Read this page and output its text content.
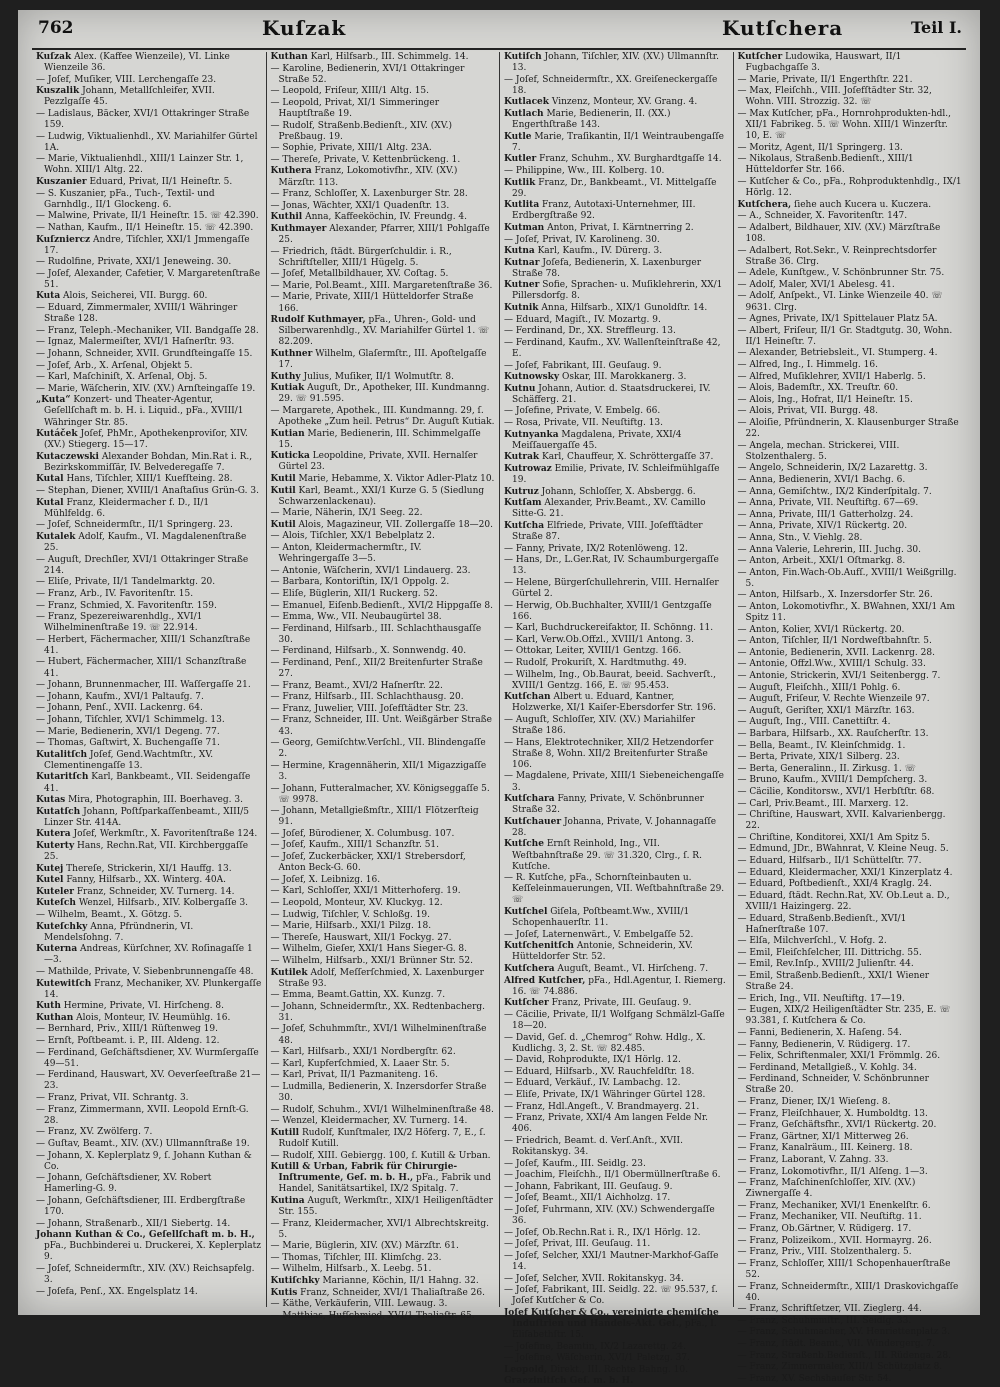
762	Kuſzak	Kutſchera	Teil I.
Kuſzak Alex. (Kaffee Wienzeile), VI. Linke Wienzeile 36.
— Joſef, Muſiker, VIII. Lerchengaſſe 23.
Kuszalik Johann, Metallſchleifer, XVII. Pezzlgaſſe 45.
— Ladislaus, Bäcker, XVI/1 Ottakringer Straße 159.
— Ludwig, Viktualienhdl., XV. Mariahilfer Gürtel 1A.
— Marie, Viktualienhdl., XIII/1 Lainzer Str. 1, Wohn. XIII/1 Altg. 22.
Kuszanier Eduard, Privat, II/1 Heineſtr. 5.
— S. Kuszanier, pFa., Tuch-, Textil- und Garnhdlg., II/1 Glockeng. 6.
— Malwine, Private, II/1 Heineſtr. 15. ☏ 42.390.
— Nathan, Kaufm., II/1 Heineſtr. 15. ☏ 42.390.
Kuſzniercz Andre, Tiſchler, XXI/1 Jmmengaſſe 17.
— Rudolfine, Private, XXI/1 Jeneweing. 30.
— Joſef, Alexander, Cafetier, V. Margaretenſtraße 51.
Kuta Alois, Seicherei, VII. Burgg. 60.
— Eduard, Zimmermaler, XVIII/1 Währinger Straße 128.
— Franz, Teleph.-Mechaniker, VII. Bandgaſſe 28.
— Ignaz, Malermeiſter, XVI/1 Haſnerſtr. 93.
— Johann, Schneider, XVII. Grundſteingaſſe 15.
— Joſef, Arb., X. Arſenal, Objekt 5.
— Karl, Maſchiniſt, X. Arſenal, Obj. 5.
— Marie, Wäſcherin, XIV. (XV.) Arnſteingaſſe 19.
„Kuta“ Konzert- und Theater-Agentur, Geſellſchaft m. b. H. i. Liquid., pFa., XVIII/1 Währinger Str. 85.
Kutáček Joſef, PhMr., Apothekenproviſor, XIV. (XV.) Stiegerg. 15—17.
Kutaczewski Alexander Bohdan, Min.Rat i. R., Bezirkskommiſſär, IV. Belvederegaſſe 7.
Kutal Hans, Tiſchler, XIII/1 Kuefſteing. 28.
— Stephan, Diener, XVIII/1 Anaſtaſius Grün-G. 3.
Kutal Franz, Kleidermacher f. D., II/1 Mühlfeldg. 6.
— Joſef, Schneidermſtr., II/1 Springerg. 23.
Kutalek Adolf, Kaufm., VI. Magdalenenſtraße 25.
— Auguſt, Drechſler, XVI/1 Ottakringer Straße 214.
— Eliſe, Private, II/1 Tandelmarktg. 20.
— Franz, Arb., IV. Favoritenſtr. 15.
— Franz, Schmied, X. Favoritenſtr. 159.
— Franz, Spezereiwarenhdlg., XVI/1 Wilhelminenſtraße 19. ☏ 22.914.
— Herbert, Fächermacher, XIII/1 Schanzſtraße 41.
— Hubert, Fächermacher, XIII/1 Schanzſtraße 41.
— Johann, Brunnenmacher, III. Waſſergaſſe 21.
— Johann, Kaufm., XVI/1 Paltaufg. 7.
— Johann, Penſ., XVII. Lackenrg. 64.
— Johann, Tiſchler, XVI/1 Schimmelg. 13.
— Marie, Bedienerin, XVI/1 Degeng. 77.
— Thomas, Gaſtwirt, X. Buchengaſſe 71.
Kutalitſch Joſef, Gend.Wachtmſtr., XV. Clementinengaſſe 13.
Kutaritſch Karl, Bankbeamt., VII. Seidengaſſe 41.
Kutas Mira, Photographin, III. Boerhaveg. 3.
Kutatſch Johann, Poſtſparkaſſenbeamt., XIII/5 Linzer Str. 414A.
Kutera Joſef, Werkmſtr., X. Favoritenſtraße 124.
Kuterty Hans, Rechn.Rat, VII. Kirchberggaſſe 25.
Kutej Thereſe, Strickerin, XI/1 Hauffg. 13.
Kutel Fanny, Hilfsarb., XX. Winterg. 40A.
Kuteler Franz, Schneider, XV. Turnerg. 14.
Kuteſch Wenzel, Hilfsarb., XIV. Kolbergaſſe 3.
— Wilhelm, Beamt., X. Götzg. 5.
Kuteſchky Anna, Pfründnerin, VI. Mendelsſohng. 7.
Kuterna Andreas, Kürſchner, XV. Roſinagaſſe 1—3.
— Mathilde, Private, V. Siebenbrunnengaſſe 48.
Kutewitſch Franz, Mechaniker, XV. Plunkergaſſe 14.
Kuth Hermine, Private, VI. Hirſcheng. 8.
Kuthan Alois, Monteur, IV. Heumühlg. 16.
— Bernhard, Priv., XIII/1 Rüſtenweg 19.
— Ernſt, Poſtbeamt. i. P., III. Aldeng. 12.
— Ferdinand, Geſchäftsdiener, XV. Wurmſergaſſe 49—51.
— Ferdinand, Hauswart, XV. Oeverſeeſtraße 21—23.
— Franz, Privat, VII. Schrantg. 3.
— Franz, Zimmermann, XVII. Leopold Ernſt-G. 28.
— Franz, XV. Zwölferg. 7.
— Guſtav, Beamt., XIV. (XV.) Ullmannſtraße 19.
— Johann, X. Keplerplatz 9, ſ. Johann Kuthan & Co.
— Johann, Geſchäftsdiener, XV. Robert Hamerling-G. 9.
— Johann, Geſchäftsdiener, III. Erdbergſtraße 170.
— Johann, Straßenarb., XII/1 Siebertg. 14.
Johann Kuthan & Co., Geſellſchaft m. b. H., pFa., Buchbinderei u. Druckerei, X. Keplerplatz 9.
— Joſef, Schneidermſtr., XIV. (XV.) Reichsapfelg. 3.
— Joſefa, Penſ., XX. Engelsplatz 14.
Kuthan Karl, Hilfsarb., III. Schimmelg. 14.
— Karoline, Bedienerin, XVI/1 Ottakringer Straße 52.
— Leopold, Friſeur, XIII/1 Altg. 15.
— Leopold, Privat, XI/1 Simmeringer Hauptſtraße 19.
— Rudolf, Straßenb.Bedienſt., XIV. (XV.) Preßbaug. 19.
— Sophie, Private, XIII/1 Altg. 23A.
— Thereſe, Private, V. Kettenbrückeng. 1.
Kuthera Franz, Lokomotivfhr., XIV. (XV.) Märzſtr. 113.
— Franz, Schloſſer, X. Laxenburger Str. 28.
— Jonas, Wächter, XXI/1 Quadenſtr. 13.
Kuthil Anna, Kaffeeköchin, IV. Freundg. 4.
Kuthmayer Alexander, Pfarrer, XIII/1 Pohlgaſſe 25.
— Friedrich, ſtädt. Bürgerſchuldir. i. R., Schriftſteller, XIII/1 Hügelg. 5.
— Joſef, Metallbildhauer, XV. Coſtag. 5.
— Marie, Pol.Beamt., XIII. Margaretenſtraße 36.
— Marie, Private, XIII/1 Hütteldorfer Straße 166.
Rudolf Kuthmayer, pFa., Uhren-, Gold- und Silberwarenhdlg., XV. Mariahilfer Gürtel 1. ☏ 82.209.
Kuthner Wilhelm, Glaſermſtr., III. Apoſtelgaſſe 17.
Kuthy Julius, Muſiker, II/1 Wolmutſtr. 8.
Kutiak Auguſt, Dr., Apotheker, III. Kundmanng. 29. ☏ 91.595.
— Margarete, Apothek., III. Kundmanng. 29, ſ. Apotheke „Zum heil. Petrus“ Dr. Auguſt Kutiak.
Kutian Marie, Bedienerin, III. Schimmelgaſſe 15.
Kuticka Leopoldine, Private, XVII. Hernalſer Gürtel 23.
Kutil Marie, Hebamme, X. Viktor Adler-Platz 10.
Kutil Karl, Beamt., XXI/1 Kurze G. 5 (Siedlung Schwarzenlackenau).
— Marie, Näherin, IX/1 Seeg. 22.
Kutil Alois, Magazineur, VII. Zollergaſſe 18—20.
— Alois, Tiſchler, XX/1 Bebelplatz 2.
— Anton, Kleidermachermſtr., IV. Wehringergaſſe 3—5.
— Antonie, Wäſcherin, XVI/1 Lindauerg. 23.
— Barbara, Kontoriſtin, IX/1 Oppolg. 2.
— Eliſe, Büglerin, XII/1 Ruckerg. 52.
— Emanuel, Eiſenb.Bedienſt., XVI/2 Hippgaſſe 8.
— Emma, Ww., VII. Neubaugürtel 38.
— Ferdinand, Hilfsarb., III. Schlachthausgaſſe 30.
— Ferdinand, Hilfsarb., X. Sonnwendg. 40.
— Ferdinand, Penſ., XII/2 Breitenfurter Straße 27.
— Franz, Beamt., XVI/2 Haſnerſtr. 22.
— Franz, Hilfsarb., III. Schlachthausg. 20.
— Franz, Juwelier, VIII. Joſefſtädter Str. 23.
— Franz, Schneider, III. Unt. Weißgärber Straße 43.
— Georg, Gemiſchtw.Verſchl., VII. Blindengaſſe 2.
— Hermine, Kragennäherin, XII/1 Migazzigaſſe 3.
— Johann, Futteralmacher, XV. Königseggaſſe 5. ☏ 9978.
— Johann, Metallgießmſtr., XIII/1 Flötzerſteig 91.
— Joſef, Bürodiener, X. Columbusg. 107.
— Joſef, Kaufm., XIII/1 Schanzſtr. 51.
— Joſef, Zuckerbäcker, XXI/1 Strebersdorf, Anton Beck-G. 60.
— Joſef, X. Leibnizg. 16.
— Karl, Schloſſer, XXI/1 Mitterhoferg. 19.
— Leopold, Monteur, XV. Kluckyg. 12.
— Ludwig, Tiſchler, V. Schloßg. 19.
— Marie, Hilfsarb., XXI/1 Pilzg. 18.
— Thereſe, Hauswart, XII/1 Fockyg. 27.
— Wilhelm, Gieſer, XXI/1 Hans Sieger-G. 8.
— Wilhelm, Hilfsarb., XXI/1 Brünner Str. 52.
Kutilek Adolf, Meſſerſchmied, X. Laxenburger Straße 93.
— Emma, Beamt.Gattin, XX. Kunzg. 7.
— Johann, Schneidermſtr., XX. Redtenbacherg. 31.
— Joſef, Schuhmmſtr., XVI/1 Wilhelminenſtraße 48.
— Karl, Hilfsarb., XXI/1 Nordbergſtr. 62.
— Karl, Kupferſchmied, X. Laaer Str. 5.
— Karl, Privat, II/1 Pazmaniteng. 16.
— Ludmilla, Bedienerin, X. Inzersdorfer Straße 30.
— Rudolf, Schuhm., XVI/1 Wilhelminenſtraße 48.
— Wenzel, Kleidermacher, XV. Turnerg. 14.
Kutill Rudolf, Kunſtmaler, IX/2 Höferg. 7, E., ſ. Rudolf Kutill.
— Rudolf, XIII. Gebiergg. 100, ſ. Kutill & Urban.
Kutill & Urban, Fabrik für Chirurgie-Inſtrumente, Geſ. m. b. H., pFa., Fabrik und Handel, Sanitätsartikel, IX/2 Spitalg. 7.
Kutina Auguſt, Werkmſtr., XIX/1 Heiligenſtädter Str. 155.
— Franz, Kleidermacher, XVI/1 Albrechtskreitg. 5.
— Marie, Büglerin, XIV. (XV.) Märzſtr. 61.
— Thomas, Tiſchler, III. Klimſchg. 23.
— Wilhelm, Hilfsarb., X. Leebg. 51.
Kutiſchky Marianne, Köchin, II/1 Hahng. 32.
Kutis Franz, Schneider, XVI/1 Thaliaſtraße 26.
— Käthe, Verkäuferin, VIII. Lewaug. 3.
— Matthias, Hufſchmied, XVI/1 Thaliaſtr. 65.
Kutiſch Johann, Tiſchler, XIV. (XV.) Ullmannſtr. 13.
— Joſef, Schneidermſtr., XX. Greiſeneckergaſſe 18.
Kutlacek Vinzenz, Monteur, XV. Grang. 4.
Kutlach Marie, Bedienerin, II. (XX.) Engerthſtraße 143.
Kutle Marie, Traſikantin, II/1 Weintraubengaſſe 7.
Kutler Franz, Schuhm., XV. Burghardtgaſſe 14.
— Philippine, Ww., III. Kolberg. 10.
Kutlik Franz, Dr., Bankbeamt., VI. Mittelgaſſe 29.
Kutlita Franz, Autotaxi-Unternehmer, III. Erdbergſtraße 92.
Kutman Anton, Privat, I. Kärntnerring 2.
— Joſef, Privat, IV. Karolineng. 30.
Kutna Karl, Kaufm., IV. Dürerg. 3.
Kutnar Joſefa, Bedienerin, X. Laxenburger Straße 78.
Kutner Sofie, Sprachen- u. Muſiklehrerin, XX/1 Pillersdorfg. 8.
Kutnik Anna, Hilfsarb., XIX/1 Gunoldſtr. 14.
— Eduard, Magiſt., IV. Mozartg. 9.
— Ferdinand, Dr., XX. Streffleurg. 13.
— Ferdinand, Kaufm., XV. Wallenſteinſtraße 42, E.
— Joſef, Fabrikant, III. Geuſaug. 9.
Kutnowsky Oskar, III. Marokkanerg. 3.
Kutnu Johann, Autior. d. Staatsdruckerei, IV. Schäfferg. 21.
— Joſefine, Private, V. Embelg. 66.
— Rosa, Private, VII. Neuſtiftg. 13.
Kutnyanka Magdalena, Private, XXI/4 Meiſſauergaſſe 45.
Kutrak Karl, Chauffeur, X. Schröttergaſſe 37.
Kutrowaz Emilie, Private, IV. Schleifmühlgaſſe 19.
Kutruz Johann, Schloſſer, X. Absbergg. 6.
Kutſam Alexander, Priv.Beamt., XV. Camillo Sitte-G. 21.
Kutſcha Elfriede, Private, VIII. Joſefſtädter Straße 87.
— Fanny, Private, IX/2 Rotenlöweng. 12.
— Hans, Dr., L.Ger.Rat, IV. Schaumburgergaſſe 13.
— Helene, Bürgerſchullehrerin, VIII. Hernalſer Gürtel 2.
— Herwig, Ob.Buchhalter, XVIII/1 Gentzgaſſe 166.
— Karl, Buchdruckereifaktor, II. Schönng. 11.
— Karl, Verw.Ob.Offzl., XVIII/1 Antong. 3.
— Ottokar, Leiter, XVIII/1 Gentzg. 166.
— Rudolf, Prokuriſt, X. Hardtmuthg. 49.
— Wilhelm, Ing., Ob.Baurat, beeid. Sachverſt., XVIII/1 Gentzg. 166, E. ☏ 95.453.
Kutſchan Albert u. Eduard, Kantner, Holzwerke, XI/1 Kaiſer-Ebersdorfer Str. 196.
— Auguſt, Schloſſer, XIV. (XV.) Mariahilfer Straße 186.
— Hans, Elektrotechniker, XII/2 Hetzendorfer Straße 8, Wohn. XII/2 Breitenfurter Straße 106.
— Magdalene, Private, XIII/1 Siebeneichengaſſe 3.
Kutſchara Fanny, Private, V. Schönbrunner Straße 32.
Kutſchauer Johanna, Private, V. Johannagaſſe 28.
Kutſche Ernſt Reinhold, Ing., VII. Weſtbahnſtraße 29. ☏ 31.320, Clrg., ſ. R. Kutſche.
— R. Kutſche, pFa., Schornſteinbauten u. Keſſeleinmauerungen, VII. Weſtbahnſtraße 29. ☏
Kutſchel Giſela, Poſtbeamt.Ww., XVIII/1 Schopenhauerſtr. 11.
— Joſef, Laternenwärt., V. Embelgaſſe 52.
Kutſchenitſch Antonie, Schneiderin, XV. Hütteldorfer Str. 52.
Kutſchera Auguſt, Beamt., VI. Hirſcheng. 7.
Alfred Kutſcher, pFa., Hdl.Agentur, I. Riemerg. 16. ☏ 74.886.
Kutſcher Franz, Private, III. Geuſaug. 9.
— Cäcilie, Private, II/1 Wolfgang Schmälzl-Gaſſe 18—20.
— David, Geſ. d. „Chemrog“ Rohw. Hdlg., X. Kudlichg. 3, 2. St. ☏ 82.485.
— David, Rohprodukte, IX/1 Hörlg. 12.
— Eduard, Hilfsarb., XV. Rauchfeldſtr. 18.
— Eduard, Verkäuf., IV. Lambachg. 12.
— Eliſe, Private, IX/1 Währinger Gürtel 128.
— Franz, Hdl.Angeſt., V. Brandmayerg. 21.
— Franz, Private, XXI/4 Am langen Felde Nr. 406.
— Friedrich, Beamt. d. Verſ.Anſt., XVII. Rokitanskyg. 34.
— Joſef, Kaufm., III. Seidlg. 23.
— Joachim, Fleiſchh., II/1 Obermüllnerſtraße 6.
— Johann, Fabrikant, III. Geuſaug. 9.
— Joſef, Beamt., XII/1 Aichholzg. 17.
— Joſef, Fuhrmann, XIV. (XV.) Schwendergaſſe 36.
— Joſef, Ob.Rechn.Rat i. R., IX/1 Hörlg. 12.
— Joſef, Privat, III. Geuſaug. 11.
— Joſef, Selcher, XXI/1 Mautner-Markhof-Gaſſe 14.
— Joſef, Selcher, XVII. Rokitanskyg. 34.
— Joſef, Fabrikant, III. Seidlg. 22. ☏ 95.537, ſ. Joſef Kutſcher & Co.
Joſef Kutſcher & Co., vereinigte chemiſche Induſtrien und Handels-Akt. Geſ., pFa., I. Eliſabethſtr. 15.
— Joſefine, Beamtin, IX/2 Lazarettg. 24.
— Joſefine, Wäſcherin, XVI/1 Paletzg. 37.
Leopold, Direkt., III. Rechte Bahng. 10.
Graezinitſch Geſ. m. b. H.
Kutſcher Ludowika, Hauswart, II/1 Fugbachgaſſe 3.
— Marie, Private, II/1 Engerthſtr. 221.
— Max, Fleiſchh., VIII. Joſefſtädter Str. 32, Wohn. VIII. Strozzig. 32. ☏
— Max Kutſcher, pFa., Hornrohprodukten-hdl., XII/1 Fabrikeg. 5. ☏ Wohn. XIII/1 Winzerſtr. 10, E. ☏
— Moritz, Agent, II/1 Springerg. 13.
— Nikolaus, Straßenb.Bedienſt., XIII/1 Hütteldorfer Str. 166.
— Kutſcher & Co., pFa., Rohproduktenhdlg., IX/1 Hörlg. 12.
Kutſchera, ſiehe auch Kucera u. Kuczera.
— A., Schneider, X. Favoritenſtr. 147.
— Adalbert, Bildhauer, XIV. (XV.) Märzſtraße 108.
— Adalbert, Rot.Sekr., V. Reinprechtsdorfer Straße 36. Clrg.
— Adele, Kunſtgew., V. Schönbrunner Str. 75.
— Adolf, Maler, XVI/1 Abelesg. 41.
— Adolf, Anſpekt., VI. Linke Wienzeile 40. ☏ 9631. Clrg.
— Agnes, Private, IX/1 Spittelauer Platz 5A.
— Albert, Friſeur, II/1 Gr. Stadtgutg. 30, Wohn. II/1 Heineſtr. 7.
— Alexander, Betriebsleit., VI. Stumperg. 4.
— Alfred, Ing., I. Himmelg. 16.
— Alfred, Muſiklehrer, XVII/1 Haberlg. 5.
— Alois, Bademſtr., XX. Treuſtr. 60.
— Alois, Ing., Hofrat, II/1 Heineſtr. 15.
— Alois, Privat, VII. Burgg. 48.
— Aloiſie, Pfründnerin, X. Klausenburger Straße 22.
— Angela, mechan. Strickerei, VIII. Stolzenthalerg. 5.
— Angelo, Schneiderin, IX/2 Lazarettg. 3.
— Anna, Bedienerin, XVI/1 Bachg. 6.
— Anna, Gemiſchtw., IX/2 Kinderſpitalg. 7.
— Anna, Private, VII. Neuſtiftg. 67—69.
— Anna, Private, III/1 Gatterholzg. 24.
— Anna, Private, XIV/1 Rückertg. 20.
— Anna, Stn., V. Viehlg. 28.
— Anna Valerie, Lehrerin, III. Juchg. 30.
— Anton, Arbeit., XXI/1 Oſtmarkg. 8.
— Anton, Fin.Wach-Ob.Aufſ., XVIII/1 Weißgrillg. 5.
— Anton, Hilfsarb., X. Inzersdorfer Str. 26.
— Anton, Lokomotivfhr., X. BWahnen, XXI/1 Am Spitz 11.
— Anton, Kolier, XVI/1 Rückertg. 20.
— Anton, Tiſchler, II/1 Nordweſtbahnſtr. 5.
— Antonie, Bedienerin, XVII. Lackenrg. 28.
— Antonie, Offzl.Ww., XVIII/1 Schulg. 33.
— Antonie, Strickerin, XVI/1 Seitenbergg. 7.
— Auguſt, Fleiſchh., XIII/1 Pohlg. 6.
— Auguſt, Friſeur, V. Rechte Wienzeile 97.
— Auguſt, Geriſter, XXI/1 Märzſtr. 163.
— Auguſt, Ing., VIII. Canettiſtr. 4.
— Barbara, Hilfsarb., XX. Rauſcherſtr. 13.
— Bella, Beamt., IV. Kleinſchmidg. 1.
— Berta, Private, XIX/1 Silberg. 23.
— Berta, Generalinn., II. Zirkusg. 1. ☏
— Bruno, Kaufm., XVIII/1 Dempſcherg. 3.
— Cäcilie, Konditorsw., XVI/1 Herbſtſtr. 68.
— Carl, Priv.Beamt., III. Marxerg. 12.
— Chriſtine, Hauswart, XVII. Kalvarienbergg. 22.
— Chriſtine, Konditorei, XXI/1 Am Spitz 5.
— Edmund, JDr., BWahnrat, V. Kleine Neug. 5.
— Eduard, Hilfsarb., II/1 Schüttelſtr. 77.
— Eduard, Kleidermacher, XXI/1 Kinzerplatz 4.
— Eduard, Poſtbedienſt., XXI/4 Kraglg. 24.
— Eduard, ſtädt. Rechn.Rat, XV. Ob.Leut a. D., XVIII/1 Haizingerg. 22.
— Eduard, Straßenb.Bedienſt., XVI/1 Haſnerſtraße 107.
— Elſa, Milchverſchl., V. Hofg. 2.
— Emil, Fleiſchſelcher, III. Dittrichg. 55.
— Emil, Rev.Inſp., XVIII/2 Julienſtr. 44.
— Emil, Straßenb.Bedienſt., XXI/1 Wiener Straße 24.
— Erich, Ing., VII. Neuſtiftg. 17—19.
— Eugen, XIX/2 Heiligenſtädter Str. 235, E. ☏ 93.381, ſ. Kutſchera & Co.
— Fanni, Bedienerin, X. Haſeng. 54.
— Fanny, Bedienerin, V. Rüdigerg. 17.
— Felix, Schriftenmaler, XXI/1 Frömmlg. 26.
— Ferdinand, Metallgieß., V. Kohlg. 34.
— Ferdinand, Schneider, V. Schönbrunner Straße 20.
— Franz, Diener, IX/1 Wieſeng. 8.
— Franz, Fleiſchhauer, X. Humboldtg. 13.
— Franz, Geſchäftsfhr., XVI/1 Rückertg. 20.
— Franz, Gärtner, XI/1 Mitterweg 26.
— Franz, Kanalräum., III. Keinerg. 18.
— Franz, Laborant, V. Zahng. 33.
— Franz, Lokomotivfhr., II/1 Alſeng. 1—3.
— Franz, Maſchinenſchloſſer, XIV. (XV.) Ziwnergaſſe 4.
— Franz, Mechaniker, XVI/1 Enenkelſtr. 6.
— Franz, Mechaniker, VII. Neuſtiftg. 11.
— Franz, Ob.Gärtner, V. Rüdigerg. 17.
— Franz, Polizeikom., XVII. Hormayrg. 26.
— Franz, Priv., VIII. Stolzenthalerg. 5.
— Franz, Schloſſer, XIII/1 Schopenhauerſtraße 52.
— Franz, Schneidermſtr., XIII/1 Draskovichgaſſe 40.
— Franz, Schriftſetzer, VII. Zieglerg. 44.
— Franz, Schuhmmſtr., III. Seidlg. 33.
— Franz, Schuhmacher, XV. Henriettenplatz 3.
— Franz, ſtädt. Beamt., VII. Windergerg. 7.
— Franz, Straßenb.Bedienſt., III. Rüdenga. 28.
— Franz, Zimmermaler, XIII/1 Schützplatz 8.
— Franz, XV. Sechshauſer Str. 54.
